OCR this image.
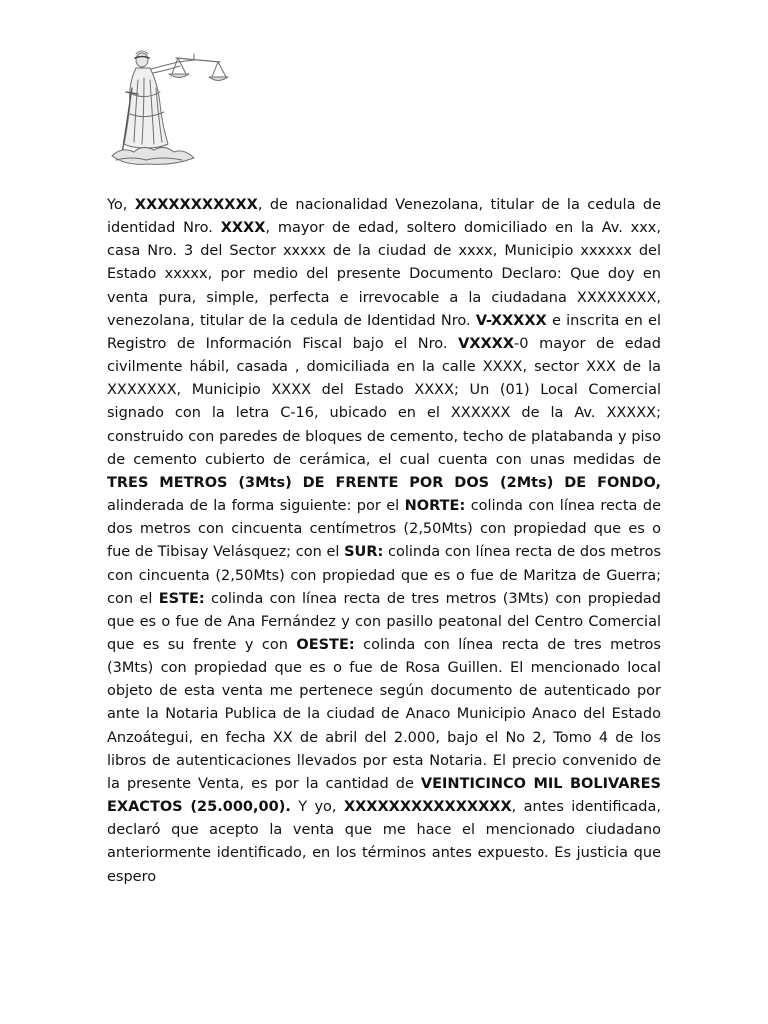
Yo, XXXXXXXXXXX, de nacionalidad Venezolana, titular de la cedula de identidad Nro. XXXX, mayor de edad, soltero domiciliado en la Av. xxx, casa Nro. 3 del Sector xxxxx de la ciudad de xxxx, Municipio xxxxxx del Estado xxxxx, por medio del presente Documento Declaro: Que doy en venta pura, simple, perfecta e irrevocable a la ciudadana XXXXXXXX, venezolana, titular de la cedula de Identidad Nro. V-XXXXX e inscrita en el Registro de Información Fiscal bajo el Nro. VXXXX-0 mayor de edad civilmente hábil, casada , domiciliada en la calle XXXX, sector XXX de la XXXXXXX, Municipio XXXX del Estado XXXX; Un (01) Local Comercial signado con la letra C-16, ubicado en el XXXXXX de la Av. XXXXX; construido con paredes de bloques de cemento, techo de platabanda y piso de cemento cubierto de cerámica, el cual cuenta con unas medidas de TRES METROS (3Mts) DE FRENTE POR DOS (2Mts) DE FONDO, alinderada de la forma siguiente: por el NORTE: colinda con línea recta de dos metros con cincuenta centímetros (2,50Mts) con propiedad que es o fue de Tibisay Velásquez; con el SUR: colinda con línea recta de dos metros con cincuenta (2,50Mts) con propiedad que es o fue de Maritza de Guerra; con el ESTE: colinda con línea recta de tres metros (3Mts) con propiedad que es o fue de Ana Fernández y con pasillo peatonal del Centro Comercial que es su frente y con OESTE: colinda con línea recta de tres metros (3Mts) con propiedad que es o fue de Rosa Guillen. El mencionado local objeto de esta venta me pertenece según documento de autenticado por ante la Notaria Publica de la ciudad de Anaco Municipio Anaco del Estado Anzoátegui, en fecha XX de abril del 2.000, bajo el No 2, Tomo 4 de los libros de autenticaciones llevados por esta Notaria. El precio convenido de la presente Venta, es por la cantidad de VEINTICINCO MIL BOLIVARES EXACTOS (25.000,00). Y yo, XXXXXXXXXXXXXXX, antes identificada, declaró que acepto la venta que me hace el mencionado ciudadano anteriormente identificado, en los términos antes expuesto. Es justicia que espero
